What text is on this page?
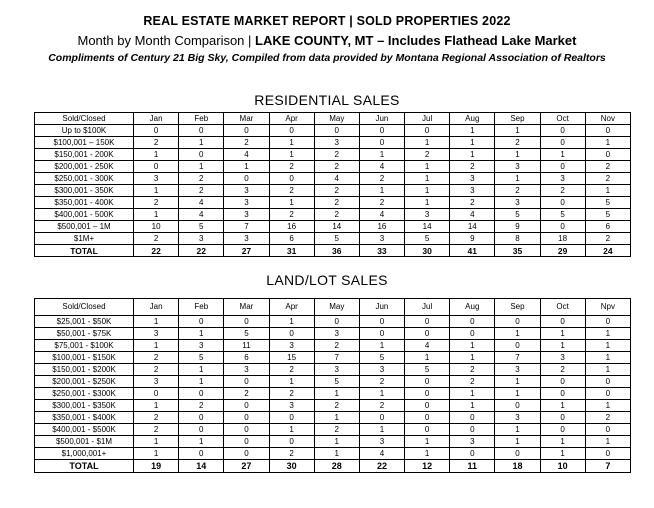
REAL ESTATE MARKET REPORT | SOLD PROPERTIES 2022
Month by Month Comparison | LAKE COUNTY, MT – Includes Flathead Lake Market
Compliments of Century 21 Big Sky, Compiled from data provided by Montana Regional Association of Realtors
RESIDENTIAL SALES
Sold/Closed	Jan	Feb	Mar	Apr	May	Jun	Jul	Aug	Sep	Oct	Nov
Up to $100K	0	0	0	0	0	0	0	1	1	0	0
$100,001 – 150K	2	1	2	1	3	0	1	1	2	0	1
$150,001 - 200K	1	0	4	1	2	1	2	1	1	1	0
$200,001 - 250K	0	1	1	2	2	4	1	2	3	0	2
$250,001 - 300K	3	2	0	0	4	2	1	3	1	3	2
$300,001 - 350K	1	2	3	2	2	1	1	3	2	2	1
$350,001 - 400K	2	4	3	1	2	2	1	2	3	0	5
$400,001 - 500K	1	4	3	2	2	4	3	4	5	5	5
$500,001 – 1M	10	5	7	16	14	16	14	14	9	0	6
$1M+	2	3	3	6	5	3	5	9	8	18	2
TOTAL	22	22	27	31	36	33	30	41	35	29	24
LAND/LOT SALES
Sold/Closed	Jan	Feb	Mar	Apr	May	Jun	Jul	Aug	Sep	Oct	Npv
$25,001 - $50K	1	0	0	1	0	0	0	0	0	0	0
$50,001 - $75K	3	1	5	0	3	0	0	0	1	1	1
$75,001 - $100K	1	3	11	3	2	1	4	1	0	1	1
$100,001 - $150K	2	5	6	15	7	5	1	1	7	3	1
$150,001 - $200K	2	1	3	2	3	3	5	2	3	2	1
$200,001 - $250K	3	1	0	1	5	2	0	2	1	0	0
$250,001 - $300K	0	0	2	2	1	1	0	1	1	0	0
$300,001 - $350K	1	2	0	3	2	2	0	1	0	1	1
$350,001 - $400K	2	0	0	0	1	0	0	0	3	0	2
$400,001 - $500K	2	0	0	1	2	1	0	0	1	0	0
$500,001 - $1M	1	1	0	0	1	3	1	3	1	1	1
$1,000,001+	1	0	0	2	1	4	1	0	0	1	0
TOTAL	19	14	27	30	28	22	12	11	18	10	7
